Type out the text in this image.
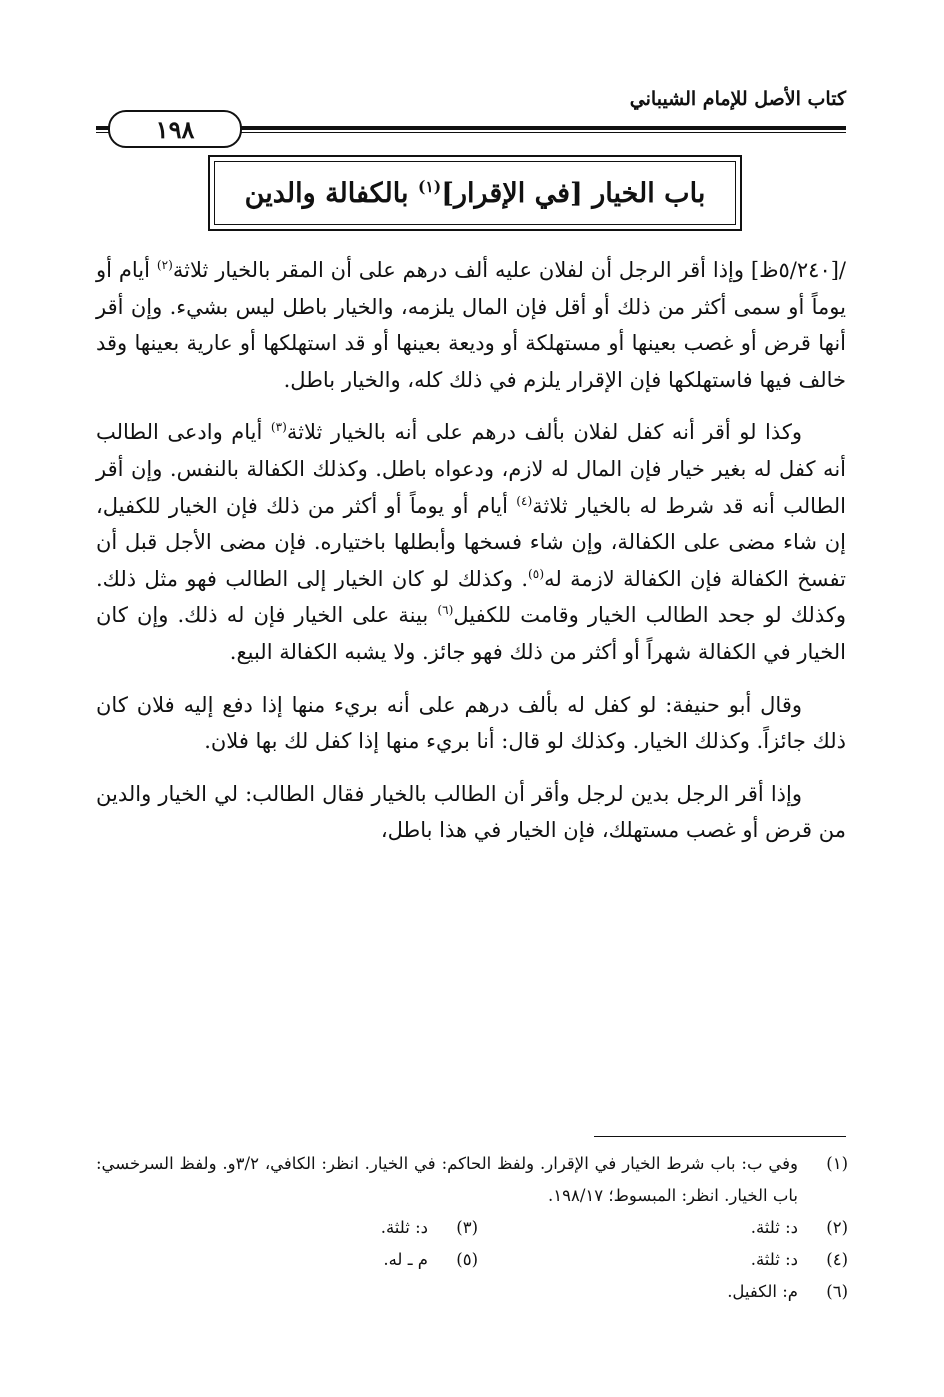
كتاب الأصل للإمام الشيباني
١٩٨
باب الخيار [في الإقرار]$^{(١)}$ بالكفالة والدين

/[٥/٢٤٠ظ] وإذا أقر الرجل أن لفلان عليه ألف درهم على أن المقر بالخيار ثلاثة$^{(٢)}$ أيام أو يوماً أو سمى أكثر من ذلك أو أقل فإن المال يلزمه، والخيار باطل ليس بشيء. وإن أقر أنها قرض أو غصب بعينها أو مستهلكة أو وديعة بعينها أو قد استهلكها أو عارية بعينها وقد خالف فيها فاستهلكها فإن الإقرار يلزم في ذلك كله، والخيار باطل.

وكذا لو أقر أنه كفل لفلان بألف درهم على أنه بالخيار ثلاثة$^{(٣)}$ أيام وادعى الطالب أنه كفل له بغير خيار فإن المال له لازم، ودعواه باطل. وكذلك الكفالة بالنفس. وإن أقر الطالب أنه قد شرط له بالخيار ثلاثة$^{(٤)}$ أيام أو يوماً أو أكثر من ذلك فإن الخيار للكفيل، إن شاء مضى على الكفالة، وإن شاء فسخها وأبطلها باختياره. فإن مضى الأجل قبل أن تفسخ الكفالة فإن الكفالة لازمة له$^{(٥)}$. وكذلك لو كان الخيار إلى الطالب فهو مثل ذلك. وكذلك لو جحد الطالب الخيار وقامت للكفيل$^{(٦)}$ بينة على الخيار فإن له ذلك. وإن كان الخيار في الكفالة شهراً أو أكثر من ذلك فهو جائز. ولا يشبه الكفالة البيع.

وقال أبو حنيفة: لو كفل له بألف درهم على أنه بريء منها إذا دفع إليه فلان كان ذلك جائزاً. وكذلك الخيار. وكذلك لو قال: أنا بريء منها إذا كفل لك بها فلان.

وإذا أقر الرجل بدين لرجل وأقر أن الطالب بالخيار فقال الطالب: لي الخيار والدين من قرض أو غصب مستهلك، فإن الخيار في هذا باطل،

(١)
وفي ب: باب شرط الخيار في الإقرار. ولفظ الحاكم: في الخيار. انظر: الكافي، ٣/٢و. ولفظ السرخسي: باب الخيار. انظر: المبسوط؛ ١٩٨/١٧.
(٢)
د: ثلثة.
(٣)
د: ثلثة.
(٤)
د: ثلثة.
(٥)
م ـ له.
(٦)
م: الكفيل.
